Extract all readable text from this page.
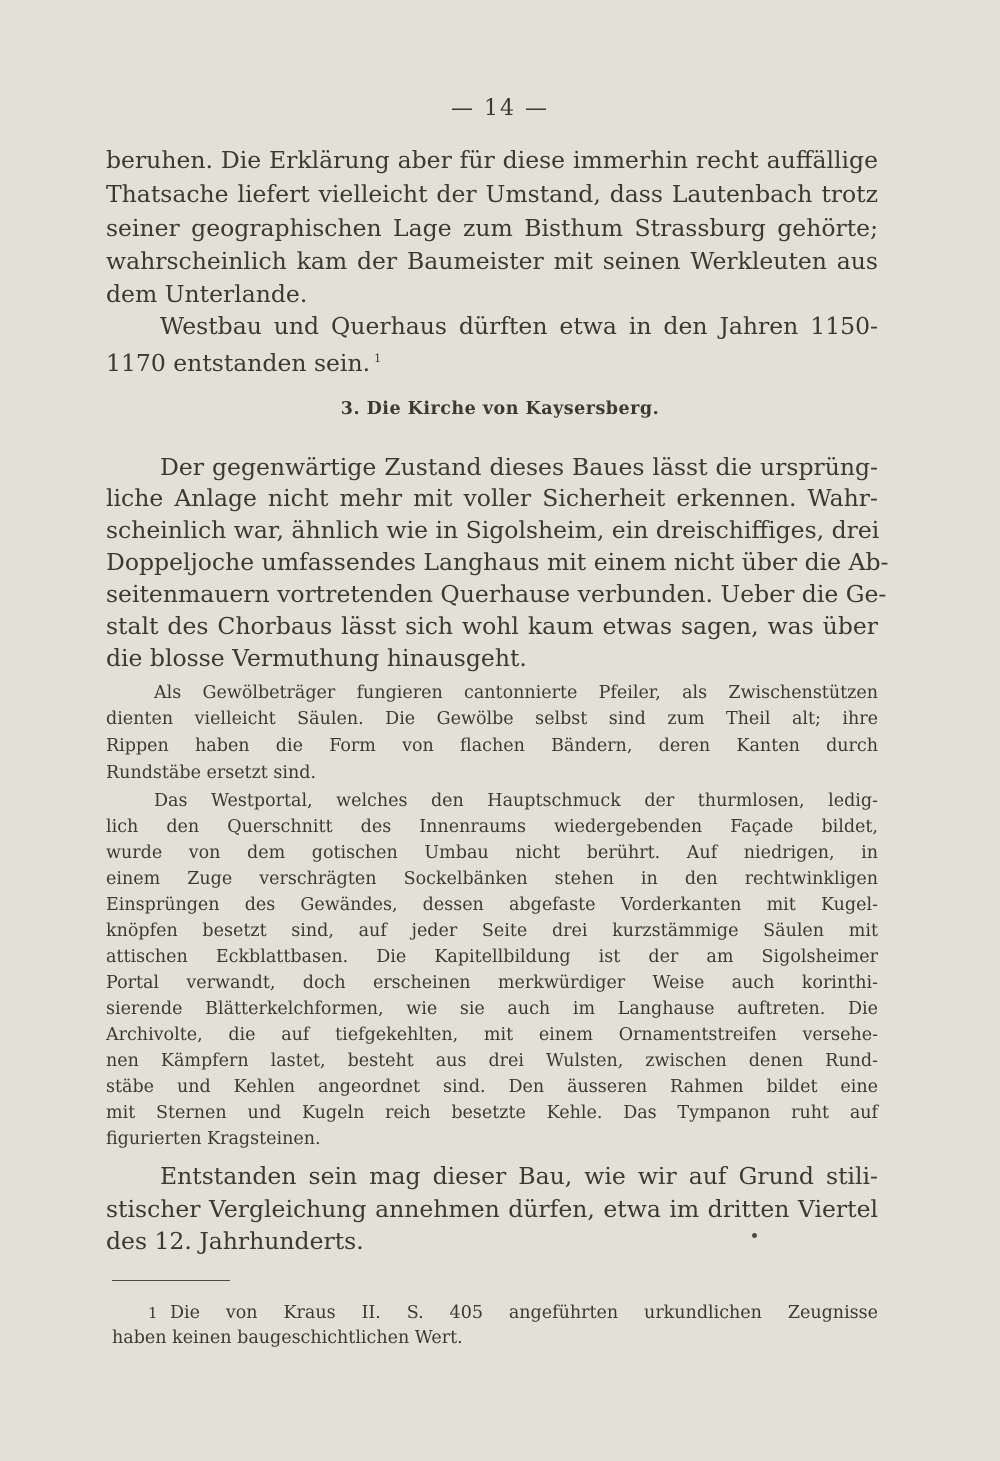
— 14 —
beruhen. Die Erklärung aber für diese immerhin recht auffällige
Thatsache liefert vielleicht der Umstand, dass Lautenbach trotz
seiner geographischen Lage zum Bisthum Strassburg gehörte;
wahrscheinlich kam der Baumeister mit seinen Werkleuten aus
dem Unterlande.
Westbau und Querhaus dürften etwa in den Jahren 1150-
1170 entstanden sein. $^1$
3. Die Kirche von Kaysersberg.
Der gegenwärtige Zustand dieses Baues lässt die ursprüng-
liche Anlage nicht mehr mit voller Sicherheit erkennen. Wahr-
scheinlich war, ähnlich wie in Sigolsheim, ein dreischiffiges, drei
Doppeljoche umfassendes Langhaus mit einem nicht über die Ab-
seitenmauern vortretenden Querhause verbunden. Ueber die Ge-
stalt des Chorbaus lässt sich wohl kaum etwas sagen, was über
die blosse Vermuthung hinausgeht.
Als Gewölbeträger fungieren cantonnierte Pfeiler, als Zwischenstützen
dienten vielleicht Säulen. Die Gewölbe selbst sind zum Theil alt; ihre
Rippen haben die Form von flachen Bändern, deren Kanten durch
Rundstäbe ersetzt sind.
Das Westportal, welches den Hauptschmuck der thurmlosen, ledig-
lich den Querschnitt des Innenraums wiedergebenden Façade bildet,
wurde von dem gotischen Umbau nicht berührt. Auf niedrigen, in
einem Zuge verschrägten Sockelbänken stehen in den rechtwinkligen
Einsprüngen des Gewändes, dessen abgefaste Vorderkanten mit Kugel-
knöpfen besetzt sind, auf jeder Seite drei kurzstämmige Säulen mit
attischen Eckblattbasen. Die Kapitellbildung ist der am Sigolsheimer
Portal verwandt, doch erscheinen merkwürdiger Weise auch korinthi-
sierende Blätterkelchformen, wie sie auch im Langhause auftreten. Die
Archivolte, die auf tiefgekehlten, mit einem Ornamentstreifen versehe-
nen Kämpfern lastet, besteht aus drei Wulsten, zwischen denen Rund-
stäbe und Kehlen angeordnet sind. Den äusseren Rahmen bildet eine
mit Sternen und Kugeln reich besetzte Kehle. Das Tympanon ruht auf
figurierten Kragsteinen.
Entstanden sein mag dieser Bau, wie wir auf Grund stili-
stischer Vergleichung annehmen dürfen, etwa im dritten Viertel
des 12. Jahrhunderts.
1 Die von Kraus II. S. 405 angeführten urkundlichen Zeugnisse
haben keinen baugeschichtlichen Wert.
